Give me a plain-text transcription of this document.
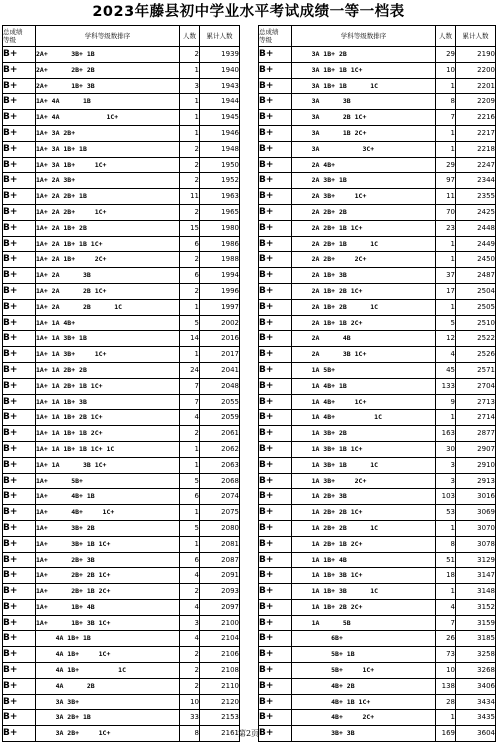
2023年藤县初中学业水平考试成绩一等一档表
总成绩
等级	学科等级数排序	人数	累计人数
B+	2A+      3B+ 1B	2	1939
B+	2A+      2B+ 2B	1	1940
B+	2A+      1B+ 3B	3	1943
B+	1A+ 4A      1B	1	1944
B+	1A+ 4A            1C+	1	1945
B+	1A+ 3A 2B+	1	1946
B+	1A+ 3A 1B+ 1B	2	1948
B+	1A+ 3A 1B+     1C+	2	1950
B+	1A+ 2A 3B+	2	1952
B+	1A+ 2A 2B+ 1B	11	1963
B+	1A+ 2A 2B+     1C+	2	1965
B+	1A+ 2A 1B+ 2B	15	1980
B+	1A+ 2A 1B+ 1B 1C+	6	1986
B+	1A+ 2A 1B+     2C+	2	1988
B+	1A+ 2A      3B	6	1994
B+	1A+ 2A      2B 1C+	2	1996
B+	1A+ 2A      2B      1C	1	1997
B+	1A+ 1A 4B+	5	2002
B+	1A+ 1A 3B+ 1B	14	2016
B+	1A+ 1A 3B+     1C+	1	2017
B+	1A+ 1A 2B+ 2B	24	2041
B+	1A+ 1A 2B+ 1B 1C+	7	2048
B+	1A+ 1A 1B+ 3B	7	2055
B+	1A+ 1A 1B+ 2B 1C+	4	2059
B+	1A+ 1A 1B+ 1B 2C+	2	2061
B+	1A+ 1A 1B+ 1B 1C+ 1C	1	2062
B+	1A+ 1A      3B 1C+	1	2063
B+	1A+      5B+	5	2068
B+	1A+      4B+ 1B	6	2074
B+	1A+      4B+     1C+	1	2075
B+	1A+      3B+ 2B	5	2080
B+	1A+      3B+ 1B 1C+	1	2081
B+	1A+      2B+ 3B	6	2087
B+	1A+      2B+ 2B 1C+	4	2091
B+	1A+      2B+ 1B 2C+	2	2093
B+	1A+      1B+ 4B	4	2097
B+	1A+      1B+ 3B 1C+	3	2100
B+	4A 1B+ 1B	4	2104
B+	4A 1B+     1C+	2	2106
B+	4A 1B+          1C	2	2108
B+	4A      2B	2	2110
B+	3A 3B+	10	2120
B+	3A 2B+ 1B	33	2153
B+	3A 2B+     1C+	8	2161
总成绩
等级	学科等级数排序	人数	累计人数
B+	3A 1B+ 2B	29	2190
B+	3A 1B+ 1B 1C+	10	2200
B+	3A 1B+ 1B      1C	1	2201
B+	3A      3B	8	2209
B+	3A      2B 1C+	7	2216
B+	3A      1B 2C+	1	2217
B+	3A           3C+	1	2218
B+	2A 4B+	29	2247
B+	2A 3B+ 1B	97	2344
B+	2A 3B+     1C+	11	2355
B+	2A 2B+ 2B	70	2425
B+	2A 2B+ 1B 1C+	23	2448
B+	2A 2B+ 1B      1C	1	2449
B+	2A 2B+     2C+	1	2450
B+	2A 1B+ 3B	37	2487
B+	2A 1B+ 2B 1C+	17	2504
B+	2A 1B+ 2B      1C	1	2505
B+	2A 1B+ 1B 2C+	5	2510
B+	2A      4B	12	2522
B+	2A      3B 1C+	4	2526
B+	1A 5B+	45	2571
B+	1A 4B+ 1B	133	2704
B+	1A 4B+     1C+	9	2713
B+	1A 4B+          1C	1	2714
B+	1A 3B+ 2B	163	2877
B+	1A 3B+ 1B 1C+	30	2907
B+	1A 3B+ 1B      1C	3	2910
B+	1A 3B+     2C+	3	2913
B+	1A 2B+ 3B	103	3016
B+	1A 2B+ 2B 1C+	53	3069
B+	1A 2B+ 2B      1C	1	3070
B+	1A 2B+ 1B 2C+	8	3078
B+	1A 1B+ 4B	51	3129
B+	1A 1B+ 3B 1C+	18	3147
B+	1A 1B+ 3B      1C	1	3148
B+	1A 1B+ 2B 2C+	4	3152
B+	1A      5B	7	3159
B+	6B+	26	3185
B+	5B+ 1B	73	3258
B+	5B+     1C+	10	3268
B+	4B+ 2B	138	3406
B+	4B+ 1B 1C+	28	3434
B+	4B+     2C+	1	3435
B+	3B+ 3B	169	3604
第2页
